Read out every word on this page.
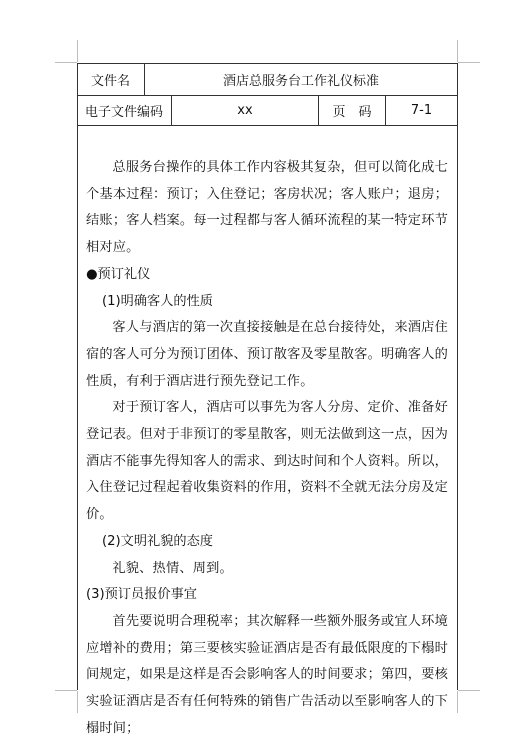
文件名	酒店总服务台工作礼仪标准
电子文件编码	xx	页　码	7-1
总服务台操作的具体工作内容极其复杂，但可以简化成七个基本过程：预订；入住登记；客房状况；客人账户；退房；结账；客人档案。每一过程都与客人循环流程的某一特定环节相对应。
●预订礼仪
(1)明确客人的性质
客人与酒店的第一次直接接触是在总台接待处，来酒店住宿的客人可分为预订团体、预订散客及零星散客。明确客人的性质，有利于酒店进行预先登记工作。
对于预订客人，酒店可以事先为客人分房、定价、准备好登记表。但对于非预订的零星散客，则无法做到这一点，因为酒店不能事先得知客人的需求、到达时间和个人资料。所以，入住登记过程起着收集资料的作用，资料不全就无法分房及定价。
(2)文明礼貌的态度
礼貌、热情、周到。
(3)预订员报价事宜
首先要说明合理税率；其次解释一些额外服务或宜人环境应增补的费用；第三要核实验证酒店是否有最低限度的下榻时间规定，如果是这样是否会影响客人的时间要求；第四，要核实验证酒店是否有任何特殊的销售广告活动以至影响客人的下榻时间；
